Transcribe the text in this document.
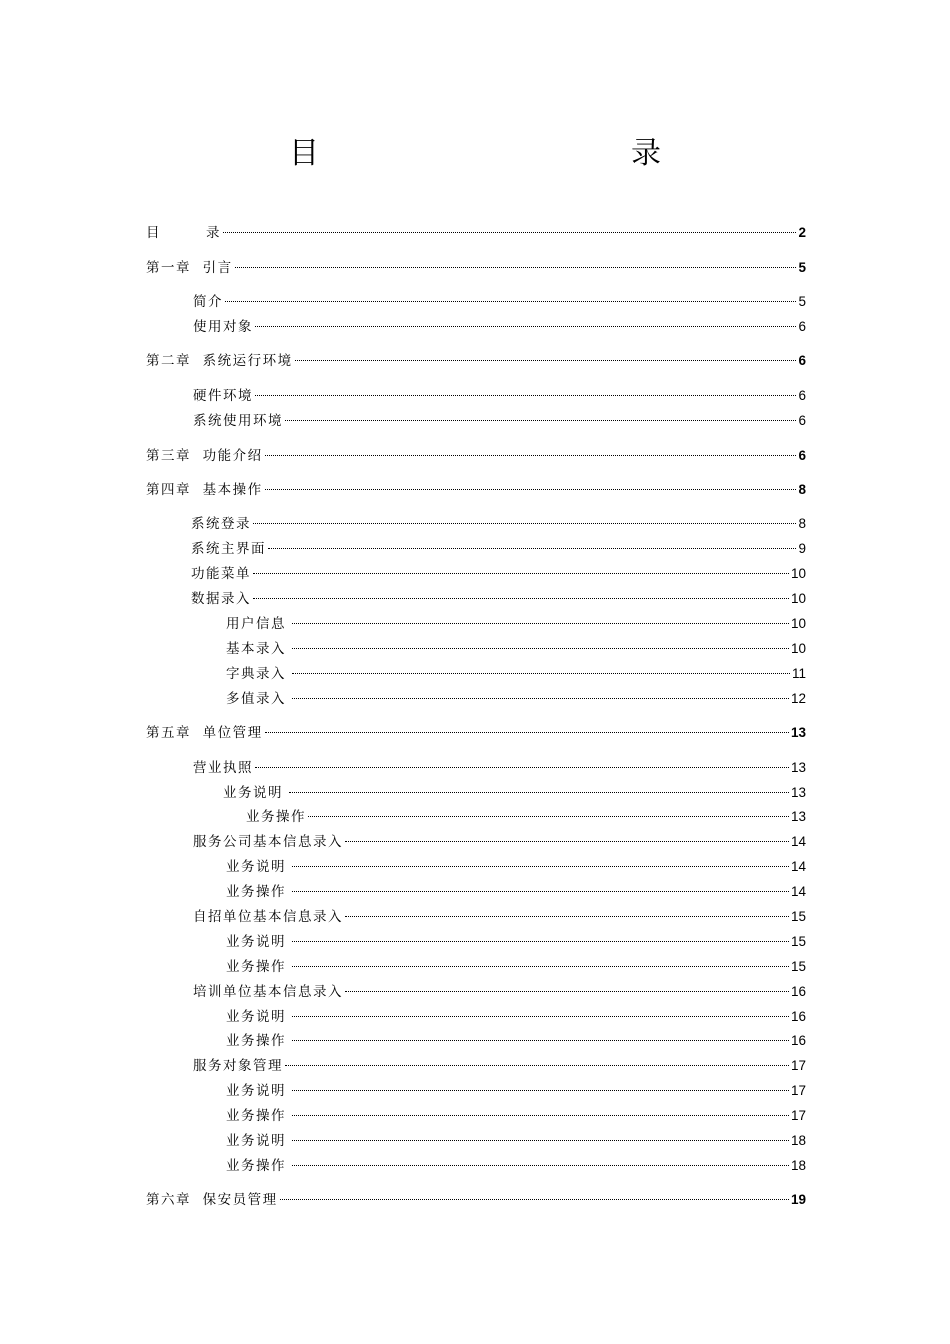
目　　录
目　　　录	2
第一章  引言	5
简介	5
使用对象	6
第二章  系统运行环境	6
硬件环境	6
系统使用环境	6
第三章  功能介绍	6
第四章  基本操作	8
系统登录	8
系统主界面	9
功能菜单	10
数据录入	10
用户信息	10
基本录入	10
字典录入	11
多值录入	12
第五章  单位管理	13
营业执照	13
业务说明	13
业务操作	13
服务公司基本信息录入	14
业务说明	14
业务操作	14
自招单位基本信息录入	15
业务说明	15
业务操作	15
培训单位基本信息录入	16
业务说明	16
业务操作	16
服务对象管理	17
业务说明	17
业务操作	17
业务说明	18
业务操作	18
第六章  保安员管理	19
